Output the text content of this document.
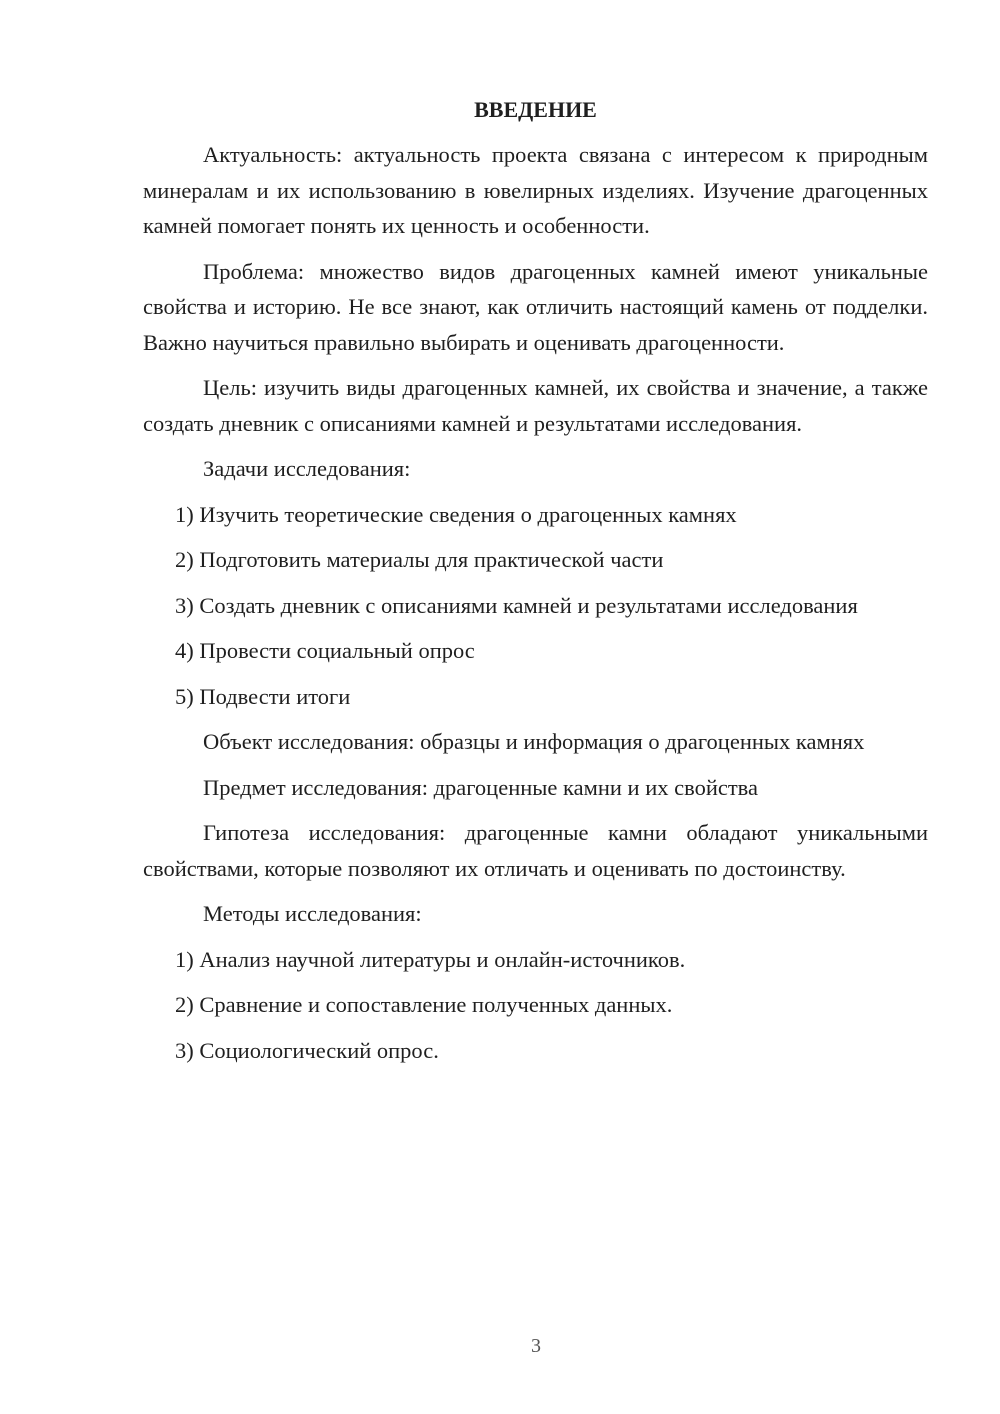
ВВЕДЕНИЕ

Актуальность: актуальность проекта связана с интересом к природным минералам и их использованию в ювелирных изделиях. Изучение драгоценных камней помогает понять их ценность и особенности.

Проблема: множество видов драгоценных камней имеют уникальные свойства и историю. Не все знают, как отличить настоящий камень от подделки. Важно научиться правильно выбирать и оценивать драгоценности.

Цель: изучить виды драгоценных камней, их свойства и значение, а также создать дневник с описаниями камней и результатами исследования.

Задачи исследования:

1) Изучить теоретические сведения о драгоценных камнях

2) Подготовить материалы для практической части

3) Создать дневник с описаниями камней и результатами исследования

4) Провести социальный опрос

5) Подвести итоги

Объект исследования: образцы и информация о драгоценных камнях

Предмет исследования: драгоценные камни и их свойства

Гипотеза исследования: драгоценные камни обладают уникальными свойствами, которые позволяют их отличать и оценивать по достоинству.

Методы исследования:

1) Анализ научной литературы и онлайн-источников.

2) Сравнение и сопоставление полученных данных.

3) Социологический опрос.

3
